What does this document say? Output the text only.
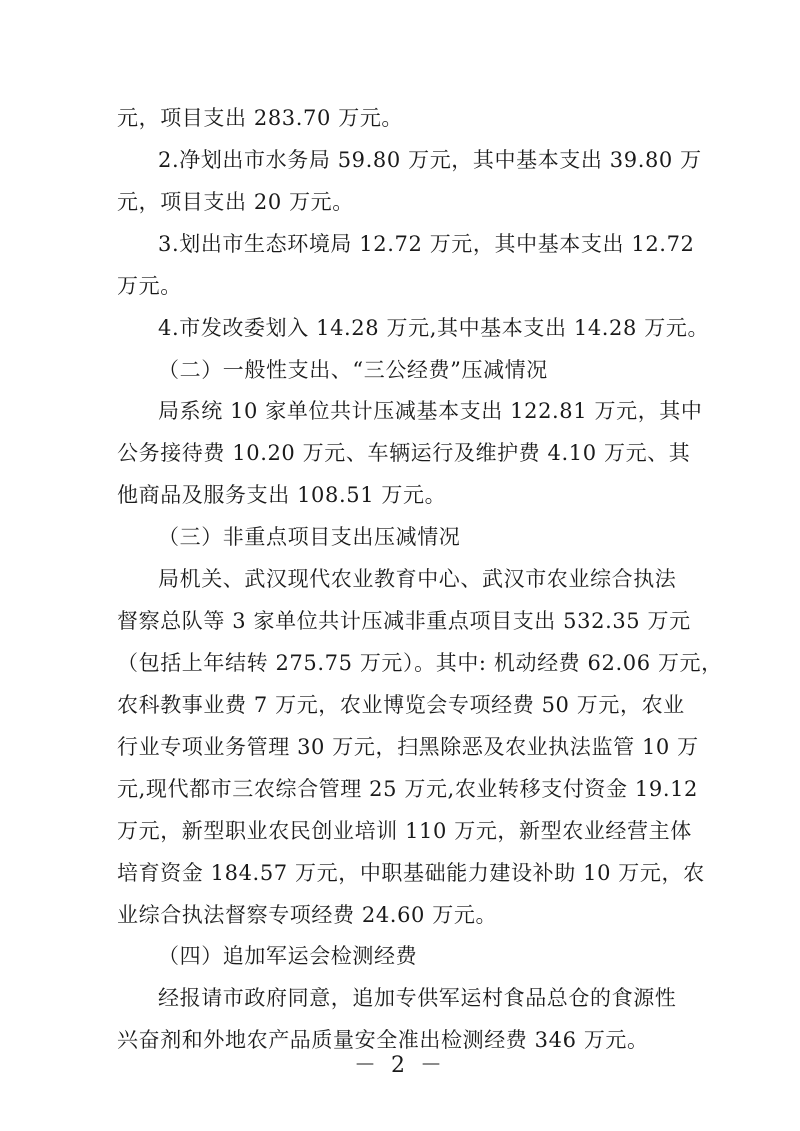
元，项目支出 283.70 万元。
2.净划出市水务局 59.80 万元，其中基本支出 39.80 万
元，项目支出 20 万元。
3.划出市生态环境局 12.72 万元，其中基本支出 12.72
万元。
4.市发改委划入 14.28 万元,其中基本支出 14.28 万元。
（二）一般性支出、“三公经费”压减情况
局系统 10 家单位共计压减基本支出 122.81 万元，其中
公务接待费 10.20 万元、车辆运行及维护费 4.10 万元、其
他商品及服务支出 108.51 万元。
（三）非重点项目支出压减情况
局机关、武汉现代农业教育中心、武汉市农业综合执法
督察总队等 3 家单位共计压减非重点项目支出 532.35 万元
（包括上年结转 275.75 万元）。其中: 机动经费 62.06 万元，
农科教事业费 7 万元，农业博览会专项经费 50 万元，农业
行业专项业务管理 30 万元，扫黑除恶及农业执法监管 10 万
元,现代都市三农综合管理 25 万元,农业转移支付资金 19.12
万元，新型职业农民创业培训 110 万元，新型农业经营主体
培育资金 184.57 万元，中职基础能力建设补助 10 万元，农
业综合执法督察专项经费 24.60 万元。
（四）追加军运会检测经费
经报请市政府同意，追加专供军运村食品总仓的食源性
兴奋剂和外地农产品质量安全准出检测经费 346 万元。
－ 2 －
